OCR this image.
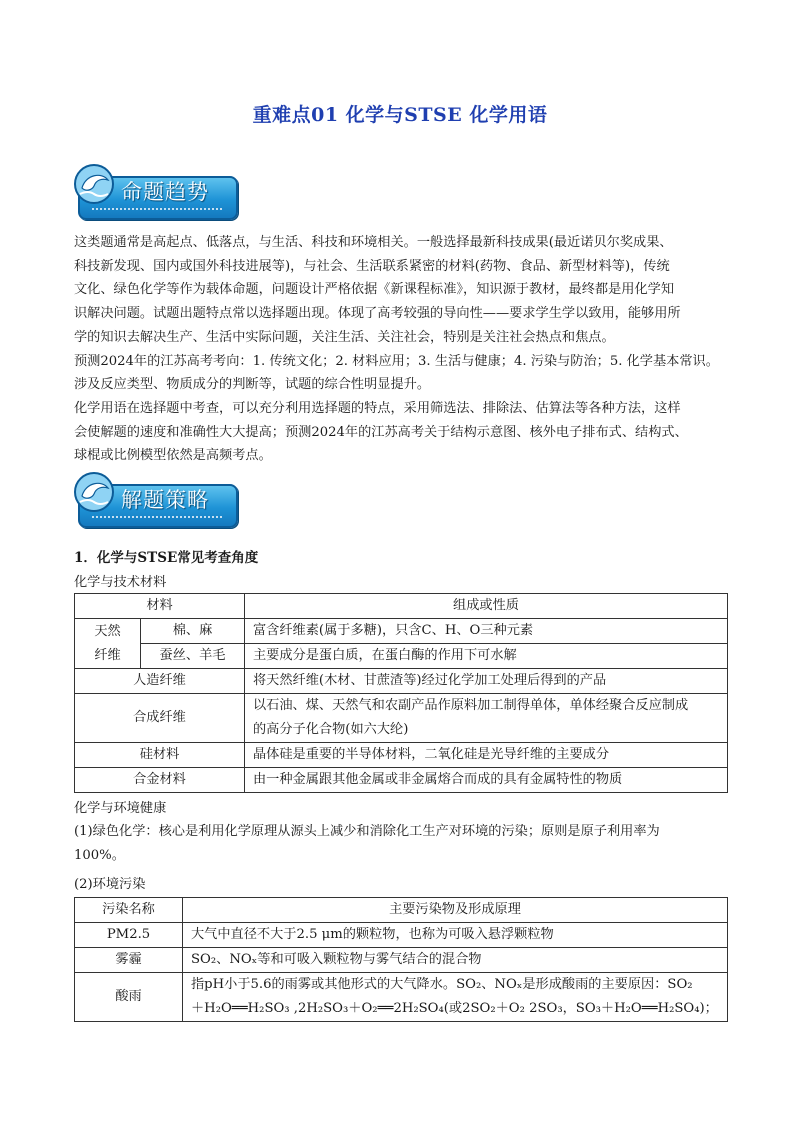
重难点01 化学与STSE 化学用语
命题趋势

这类题通常是高起点、低落点，与生活、科技和环境相关。一般选择最新科技成果(最近诺贝尔奖成果、

科技新发现、国内或国外科技进展等)，与社会、生活联系紧密的材料(药物、食品、新型材料等)，传统

文化、绿色化学等作为载体命题，问题设计严格依据《新课程标准》，知识源于教材，最终都是用化学知

识解决问题。试题出题特点常以选择题出现。体现了高考较强的导向性——要求学生学以致用，能够用所

学的知识去解决生产、生活中实际问题，关注生活、关注社会，特别是关注社会热点和焦点。

预测2024年的江苏高考考向：1. 传统文化；2. 材料应用；3. 生活与健康；4. 污染与防治；5. 化学基本常识。

涉及反应类型、物质成分的判断等，试题的综合性明显提升。

化学用语在选择题中考查，可以充分利用选择题的特点，采用筛选法、排除法、估算法等各种方法，这样

会使解题的速度和准确性大大提高；预测2024年的江苏高考关于结构示意图、核外电子排布式、结构式、

球棍或比例模型依然是高频考点。

解题策略
1．化学与STSE常见考查角度
化学与技术材料
材料		组成或性质
天然纤维	棉、麻	富含纤维素(属于多糖)，只含C、H、O三种元素
	蚕丝、羊毛	主要成分是蛋白质，在蛋白酶的作用下可水解
人造纤维		将天然纤维(木材、甘蔗渣等)经过化学加工处理后得到的产品
合成纤维		以石油、煤、天然气和农副产品作原料加工制得单体，单体经聚合反应制成
的高分子化合物(如六大纶)

硅材料		晶体硅是重要的半导体材料，二氧化硅是光导纤维的主要成分
合金材料		由一种金属跟其他金属或非金属熔合而成的具有金属特性的物质
化学与环境健康

(1)绿色化学：核心是利用化学原理从源头上减少和消除化工生产对环境的污染；原则是原子利用率为

100%。

(2)环境污染
污染名称	主要污染物及形成原理
PM2.5	大气中直径不大于2.5 μm的颗粒物，也称为可吸入悬浮颗粒物
雾霾	SO₂、NOₓ等和可吸入颗粒物与雾气结合的混合物
酸雨	指pH小于5.6的雨雾或其他形式的大气降水。SO₂、NOₓ是形成酸雨的主要原因：SO₂
＋H₂O══H₂SO₃ ,2H₂SO₃＋O₂══2H₂SO₄(或2SO₂＋O₂ 2SO₃，SO₃＋H₂O══H₂SO₄)；
